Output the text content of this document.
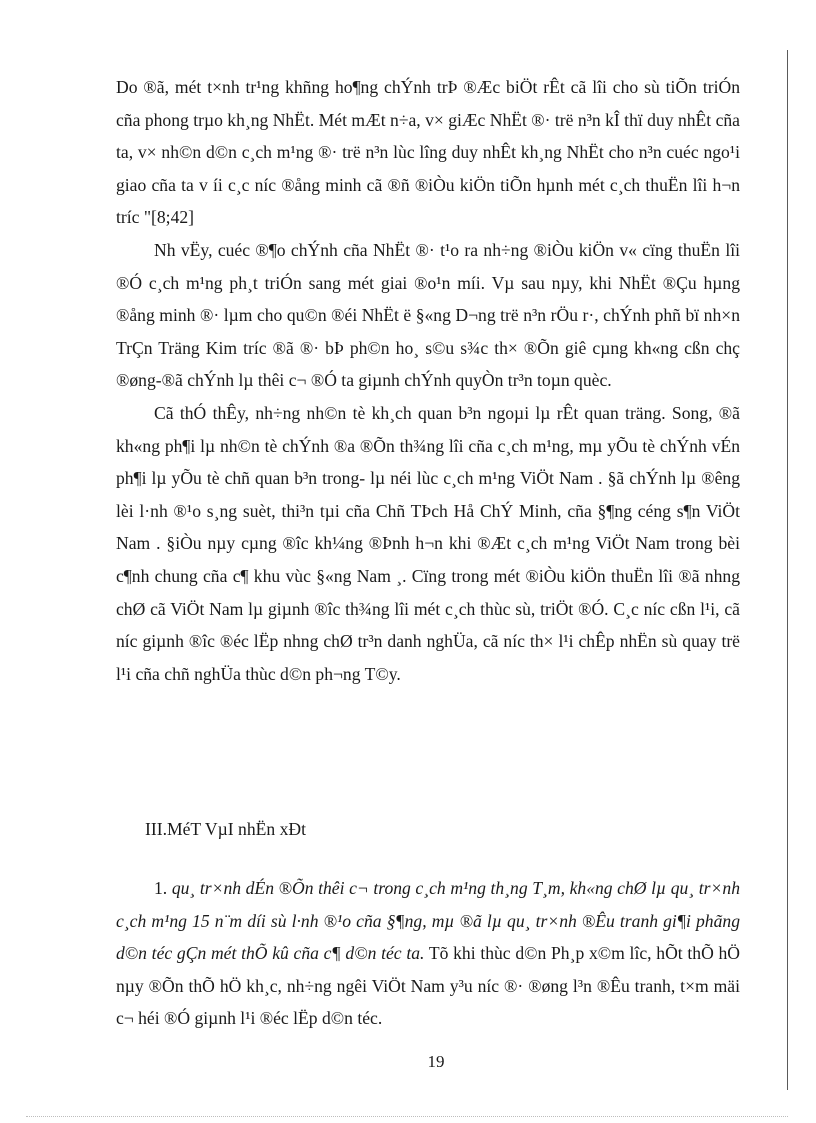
Do ®ã, mét t×nh tr¹ng khñng ho¶ng chÝnh trÞ ®Æc biÖt rÊt cã lîi cho sù tiÕn triÓn cña phong trµo kh¸ng NhËt. Mét mÆt n÷a, v× giÆc NhËt ®· trë n³n kÎ thï duy nhÊt cña ta, v× nh©n d©n c¸ch m¹ng ®· trë n³n lùc lîng duy nhÊt kh¸ng NhËt cho n³n cuéc ngo¹i giao cña ta v íi c¸c níc ®ång minh cã ®ñ ®iÒu kiÖn tiÕn hµnh mét c¸ch thuËn lîi h¬n tríc "[8;42]

Nh vËy, cuéc ®¶o chÝnh cña NhËt ®· t¹o ra nh÷ng ®iÒu kiÖn v« cïng thuËn lîi ®Ó c¸ch m¹ng ph¸t triÓn sang mét giai ®o¹n míi. Vµ sau nµy, khi NhËt ®Çu hµng ®ång minh ®· lµm cho qu©n ®éi NhËt ë §«ng D¬ng trë n³n rÖu r·, chÝnh phñ bï nh×n TrÇn Träng Kim tríc ®ã ®· bÞ ph©n ho¸ s©u s¾c th× ®Õn giê cµng kh«ng cßn chç ®øng-®ã chÝnh lµ thêi c¬ ®Ó ta giµnh chÝnh quyÒn tr³n toµn quèc.

Cã thÓ thÊy, nh÷ng nh©n tè kh¸ch quan b³n ngoµi lµ rÊt quan träng. Song, ®ã kh«ng ph¶i lµ nh©n tè chÝnh ®a ®Õn th¾ng lîi cña c¸ch m¹ng, mµ yÕu tè chÝnh vÉn ph¶i lµ yÕu tè chñ quan b³n trong- lµ néi lùc c¸ch m¹ng ViÖt Nam . §ã chÝnh lµ ®êng lèi l·nh ®¹o s¸ng suèt, thi³n tµi cña Chñ TÞch Hå ChÝ Minh, cña §¶ng céng s¶n ViÖt Nam . §iÒu nµy cµng ®îc kh¼ng ®Þnh h¬n khi ®Æt c¸ch m¹ng ViÖt Nam trong bèi c¶nh chung cña c¶ khu vùc §«ng Nam ¸. Cïng trong mét ®iÒu kiÖn thuËn lîi ®ã nhng chØ cã ViÖt Nam lµ giµnh ®îc th¾ng lîi mét c¸ch thùc sù, triÖt ®Ó. C¸c níc cßn l¹i, cã níc giµnh ®îc ®éc lËp nhng chØ tr³n danh nghÜa, cã níc th× l¹i chÊp nhËn sù quay trë l¹i cña chñ nghÜa thùc d©n ph¬ng T©y.

III.MéT VµI nhËn xÐt

1. qu¸ tr×nh dÉn ®Õn thêi c¬ trong c¸ch m¹ng th¸ng T¸m, kh«ng chØ lµ qu¸ tr×nh c¸ch m¹ng 15 n¨m díi sù l·nh ®¹o cña §¶ng, mµ ®ã lµ qu¸ tr×nh ®Êu tranh gi¶i phãng d©n téc gÇn mét thÕ kû cña c¶ d©n téc ta. Tõ khi thùc d©n Ph¸p x©m lîc, hÕt thÕ hÖ nµy ®Õn thÕ hÖ kh¸c, nh÷ng ngêi ViÖt Nam y³u níc ®· ®øng l³n ®Êu tranh, t×m mäi c¬ héi ®Ó giµnh l¹i ®éc lËp d©n téc.

19
